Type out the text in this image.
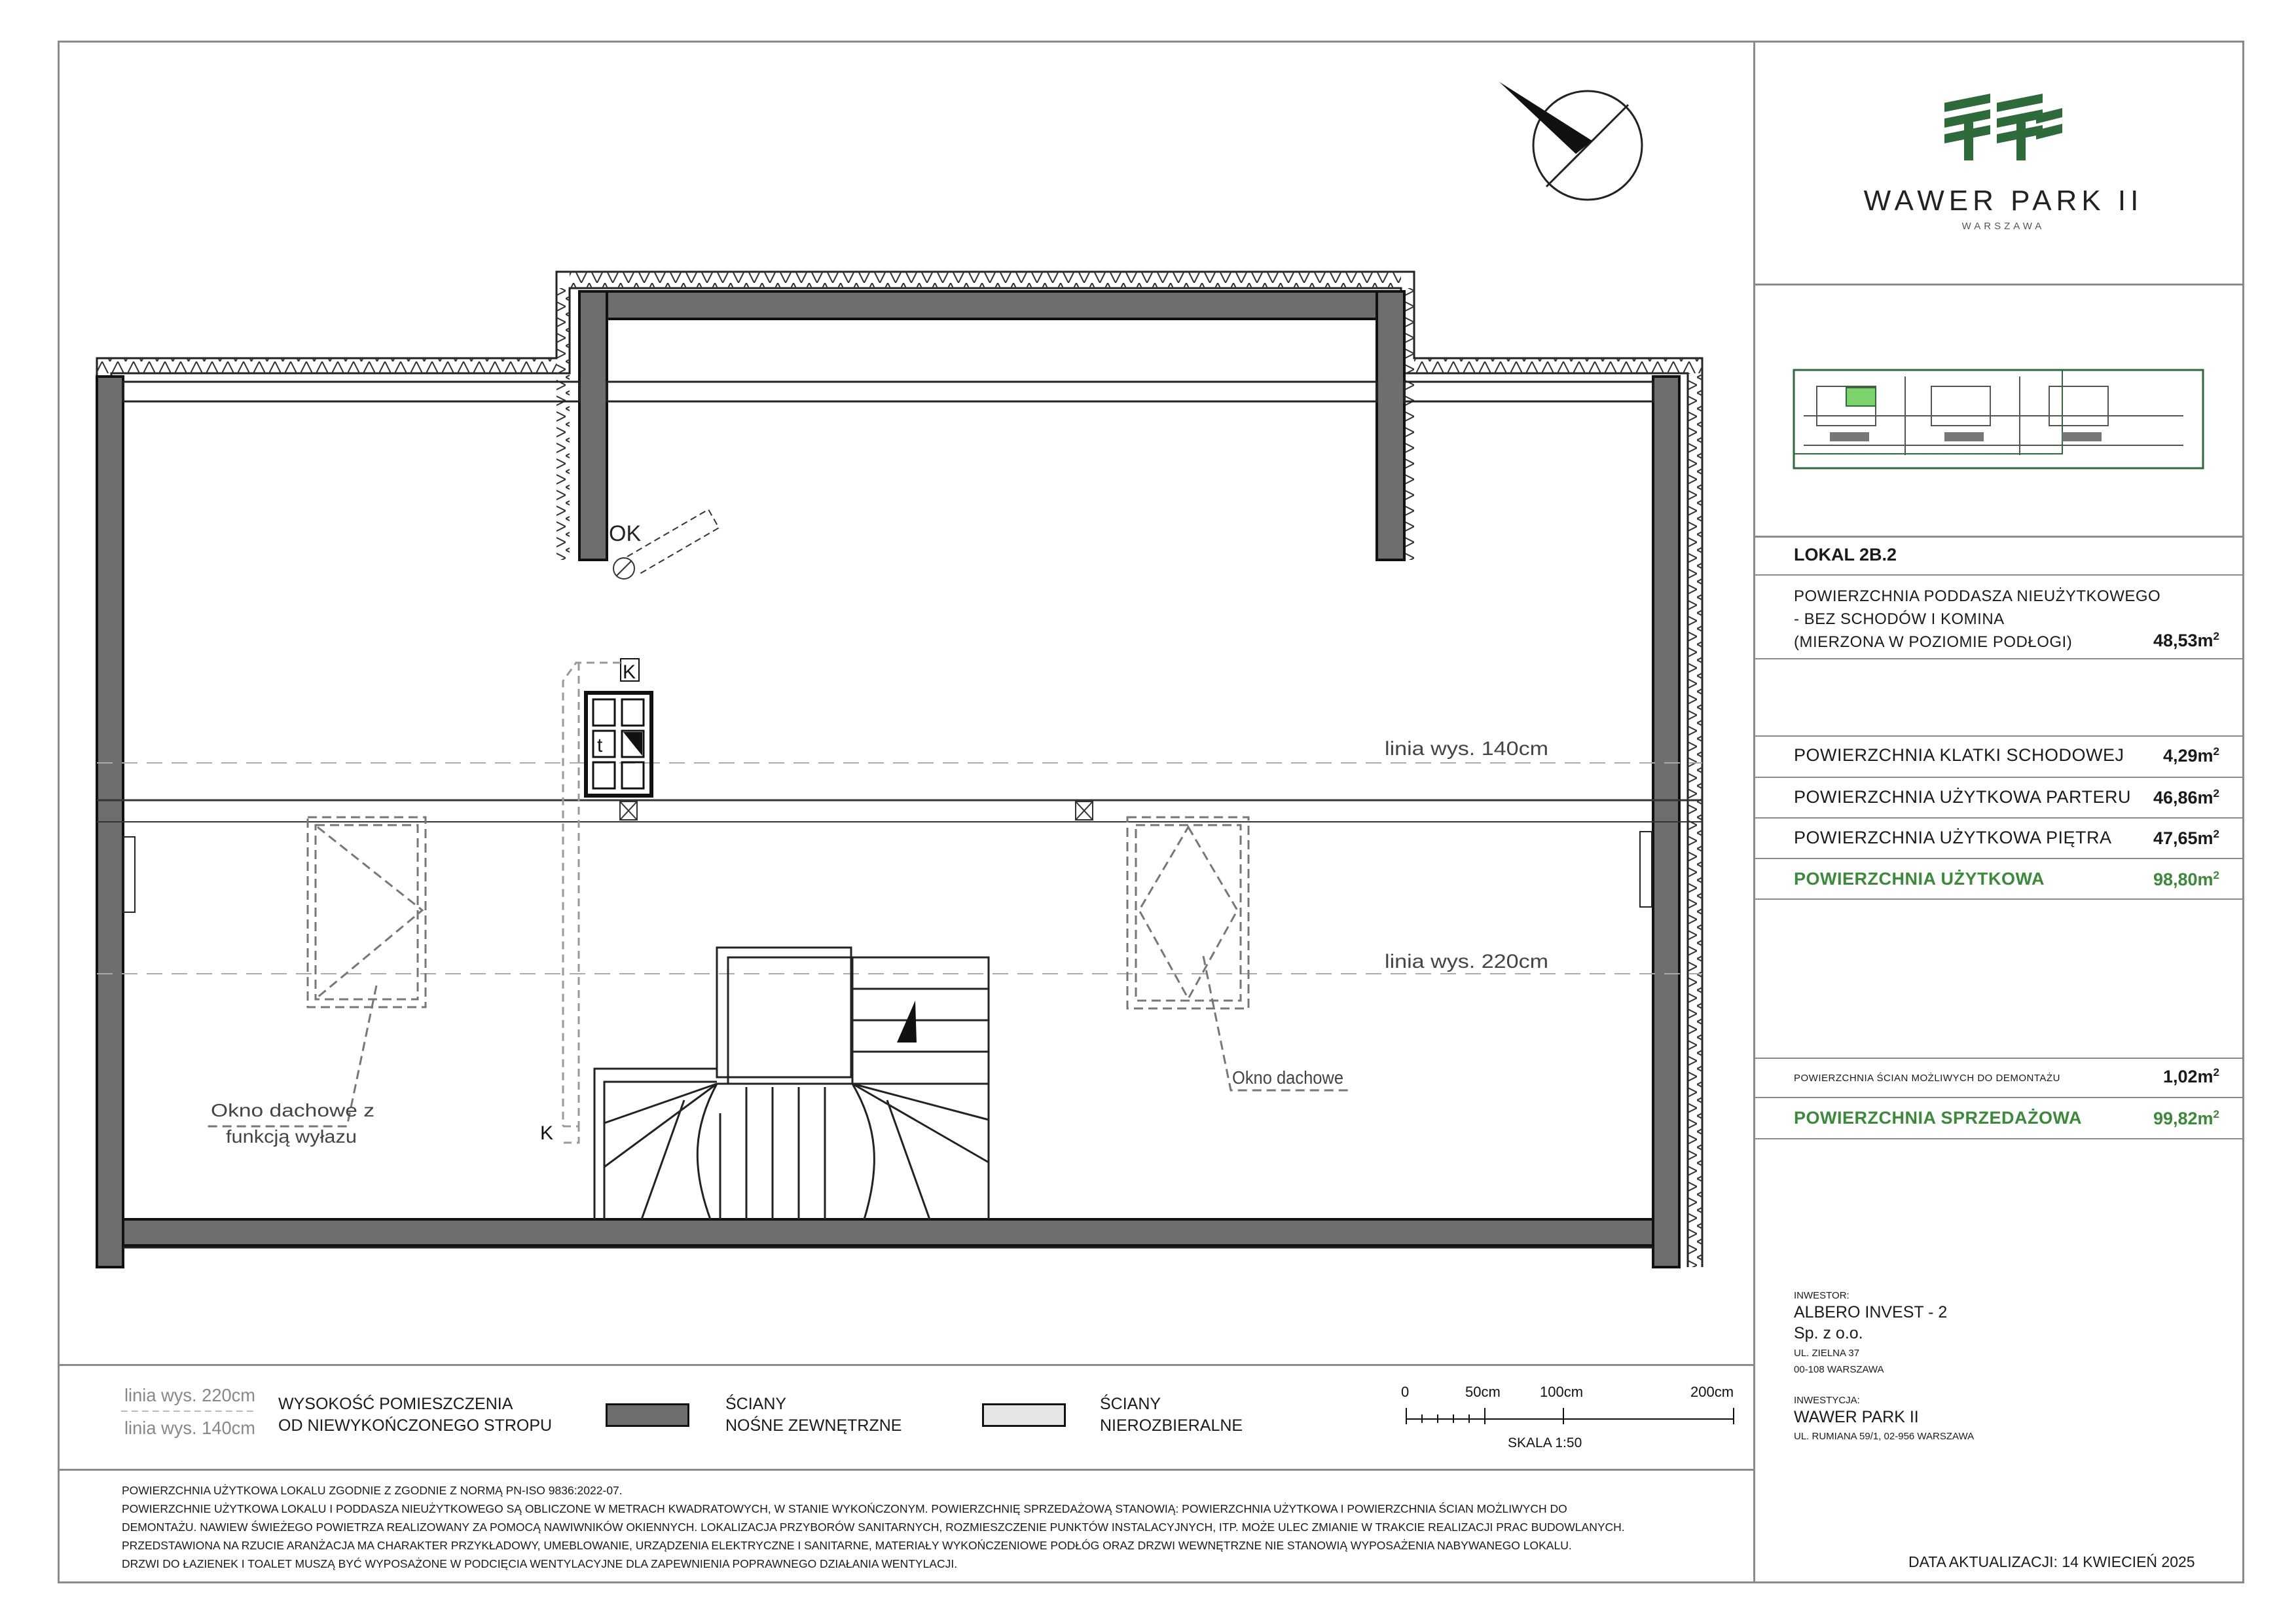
linia wys. 140cm
linia wys. 220cm
OK
t
K
K
Okno dachowe z
funkcją wyłazu
Okno dachowe
WAWER PARK II
WARSZAWA
LOKAL 2B.2
POWIERZCHNIA PODDASZA NIEUŻYTKOWEGO
- BEZ SCHODÓW I KOMINA
(MIERZONA W POZIOMIE PODŁOGI)	$48,53m^2$
POWIERZCHNIA KLATKI SCHODOWEJ	$4,29m^2$
POWIERZCHNIA UŻYTKOWA PARTERU	$46,86m^2$
POWIERZCHNIA UŻYTKOWA PIĘTRA	$47,65m^2$
POWIERZCHNIA UŻYTKOWA	$98,80m^2$
POWIERZCHNIA ŚCIAN MOŻLIWYCH DO DEMONTAŻU	$1,02m^2$
POWIERZCHNIA SPRZEDAŻOWA	$99,82m^2$
INWESTOR:
ALBERO INVEST - 2
Sp. z o.o.
UL. ZIELNA 37
00-108 WARSZAWA
INWESTYCJA:
WAWER PARK II
UL. RUMIANA 59/1, 02-956 WARSZAWA
DATA AKTUALIZACJI: 14 KWIECIEŃ 2025
linia wys. 220cm
linia wys. 140cm
WYSOKOŚĆ POMIESZCZENIA
OD NIEWYKOŃCZONEGO STROPU
ŚCIANY
NOŚNE ZEWNĘTRZNE
ŚCIANY
NIEROZBIERALNE
0	50cm	100cm	200cm
SKALA 1:50
POWIERZCHNIA UŻYTKOWA LOKALU ZGODNIE Z ZGODNIE Z NORMĄ PN-ISO 9836:2022-07.
POWIERZCHNIE UŻYTKOWA LOKALU I PODDASZA NIEUŻYTKOWEGO SĄ OBLICZONE W METRACH KWADRATOWYCH, W STANIE WYKOŃCZONYM. POWIERZCHNIĘ SPRZEDAŻOWĄ STANOWIĄ: POWIERZCHNIA UŻYTKOWA I POWIERZCHNIA ŚCIAN MOŻLIWYCH DO
DEMONTAŻU. NAWIEW ŚWIEŻEGO POWIETRZA REALIZOWANY ZA POMOCĄ NAWIWNIKÓW OKIENNYCH. LOKALIZACJA PRZYBORÓW SANITARNYCH, ROZMIESZCZENIE PUNKTÓW INSTALACYJNYCH, ITP. MOŻE ULEC ZMIANIE W TRAKCIE REALIZACJI PRAC BUDOWLANYCH.
PRZEDSTAWIONA NA RZUCIE ARANŻACJA MA CHARAKTER PRZYKŁADOWY, UMEBLOWANIE, URZĄDZENIA ELEKTRYCZNE I SANITARNE, MATERIAŁY WYKOŃCZENIOWE PODŁÓG ORAZ DRZWI WEWNĘTRZNE NIE STANOWIĄ WYPOSAŻENIA NABYWANEGO LOKALU.
DRZWI DO ŁAZIENEK I TOALET MUSZĄ BYĆ WYPOSAŻONE W PODCIĘCIA WENTYLACYJNE DLA ZAPEWNIENIA POPRAWNEGO DZIAŁANIA WENTYLACJI.
